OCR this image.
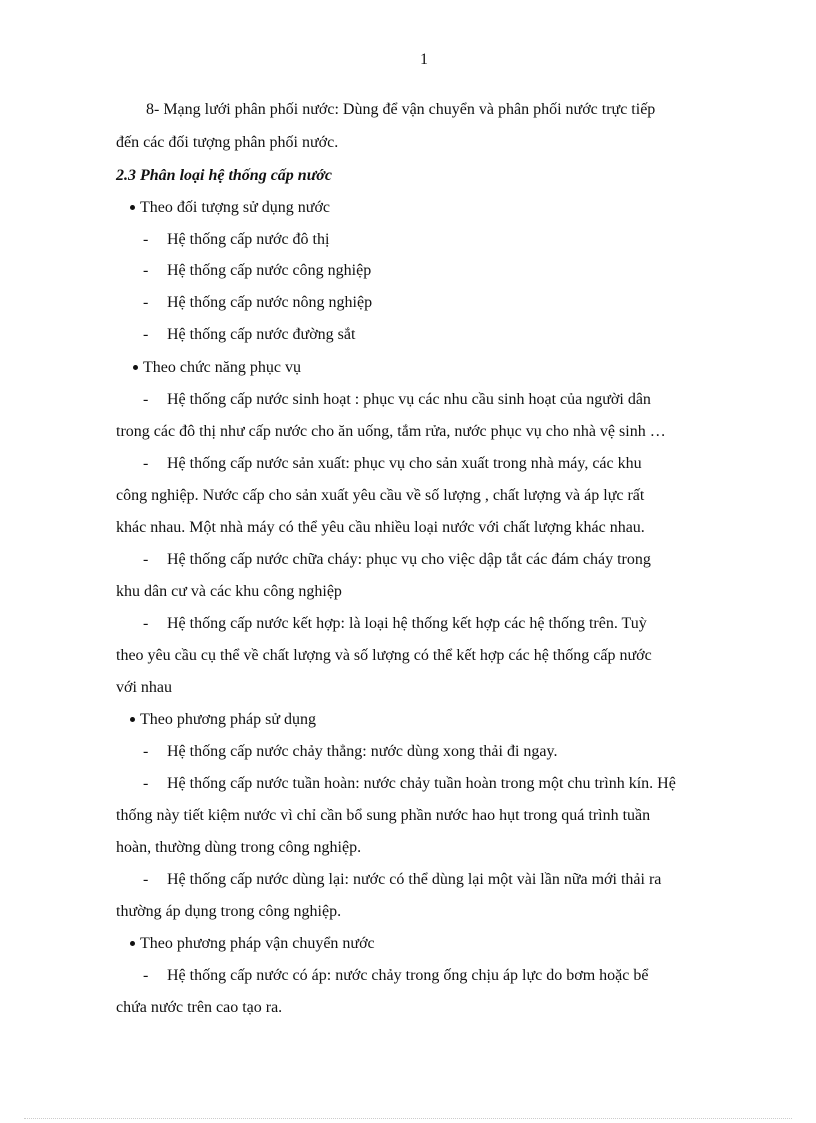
1
8- Mạng lưới phân phối nước: Dùng để vận chuyển và phân phối nước trực tiếp
đến các đối tượng phân phối nước.
2.3 Phân loại hệ thống cấp nước
Theo đối tượng sử dụng nước
- Hệ thống cấp nước đô thị
- Hệ thống cấp nước công nghiệp
- Hệ thống cấp nước nông nghiệp
- Hệ thống cấp nước đường sắt
Theo chức năng phục vụ
- Hệ thống cấp nước sinh hoạt : phục vụ các nhu cầu sinh hoạt của người dân
trong các đô thị như cấp nước cho ăn uống, tắm rửa, nước phục vụ cho nhà vệ sinh …
- Hệ thống cấp nước sản xuất: phục vụ cho sản xuất trong nhà máy, các khu
công nghiệp. Nước cấp cho sản xuất yêu cầu về số lượng , chất lượng và áp lực rất
khác nhau. Một nhà máy có thể yêu cầu nhiều loại nước với chất lượng khác nhau.
- Hệ thống cấp nước chữa cháy: phục vụ cho việc dập tắt các đám cháy trong
khu dân cư và các khu công nghiệp
- Hệ thống cấp nước kết hợp: là loại hệ thống kết hợp các hệ thống trên. Tuỳ
theo yêu cầu cụ thể về chất lượng và số lượng có thể kết hợp các hệ thống cấp nước
với nhau
Theo phương pháp sử dụng
- Hệ thống cấp nước chảy thẳng: nước dùng xong thải đi ngay.
- Hệ thống cấp nước tuần hoàn: nước chảy tuần hoàn trong một chu trình kín. Hệ
thống này tiết kiệm nước vì chỉ cần bổ sung phần nước hao hụt trong quá trình tuần
hoàn, thường dùng trong công nghiệp.
- Hệ thống cấp nước dùng lại: nước có thể dùng lại một vài lần nữa mới thải ra
thường áp dụng trong công nghiệp.
Theo phương pháp vận chuyển nước
- Hệ thống cấp nước có áp: nước chảy trong ống chịu áp lực do bơm hoặc bể
chứa nước trên cao tạo ra.
